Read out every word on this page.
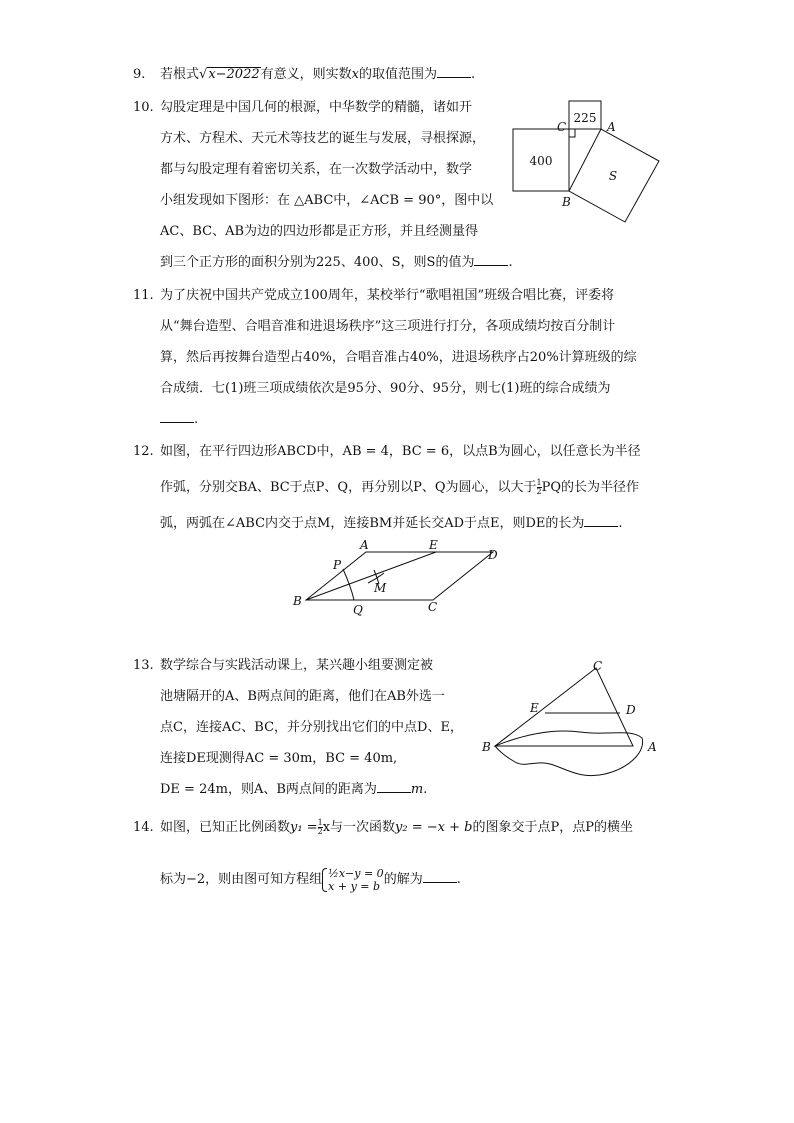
9.	若根式√x−2022有意义，则实数x的取值范围为	.
10. 勾股定理是中国几何的根源，中华数学的精髓，诸如开
方术、方程术、天元术等技艺的诞生与发展，寻根探源，
都与勾股定理有着密切关系，在一次数学活动中，数学
小组发现如下图形：在 △ABC中，∠ACB = 90°，图中以
AC、BC、AB为边的四边形都是正方形，并且经测量得
到三个正方形的面积分别为225、400、S，则S的值为	.
225
400
S
C	A
B
11. 为了庆祝中国共产党成立100周年，某校举行“歌唱祖国”班级合唱比赛，评委将
从“舞台造型、合唱音准和进退场秩序”这三项进行打分，各项成绩均按百分制计
算，然后再按舞台造型占40%，合唱音准占40%，进退场秩序占20%计算班级的综
合成绩．七(1)班三项成绩依次是95分、90分、95分，则七(1)班的综合成绩为
.
12. 如图，在平行四边形ABCD中，AB = 4，BC = 6，以点B为圆心，以任意长为半径
作弧，分别交BA、BC于点P、Q，再分别以P、Q为圆心，以大于 $\frac{1}{2}$ PQ的长为半径作
弧，两弧在∠ABC内交于点M，连接BM并延长交AD于点E，则DE的长为	.
A	E
D
P
M
B
Q	C
13. 数学综合与实践活动课上，某兴趣小组要测定被
池塘隔开的A、B两点间的距离，他们在AB外选一
点C，连接AC、BC，并分别找出它们的中点D、E，
连接DE现测得AC = 30m，BC = 40m,
DE = 24m，则A、B两点间的距离为	m.
C
E	D
B	A
14. 如图，已知正比例函数$y_1 = \frac{1}{2}$ x与一次函数y₂ = −x + b的图象交于点P，点P的横坐
标为−2，则由图可知方程组 ½x−y = 0
x + y = b 的解为	.
